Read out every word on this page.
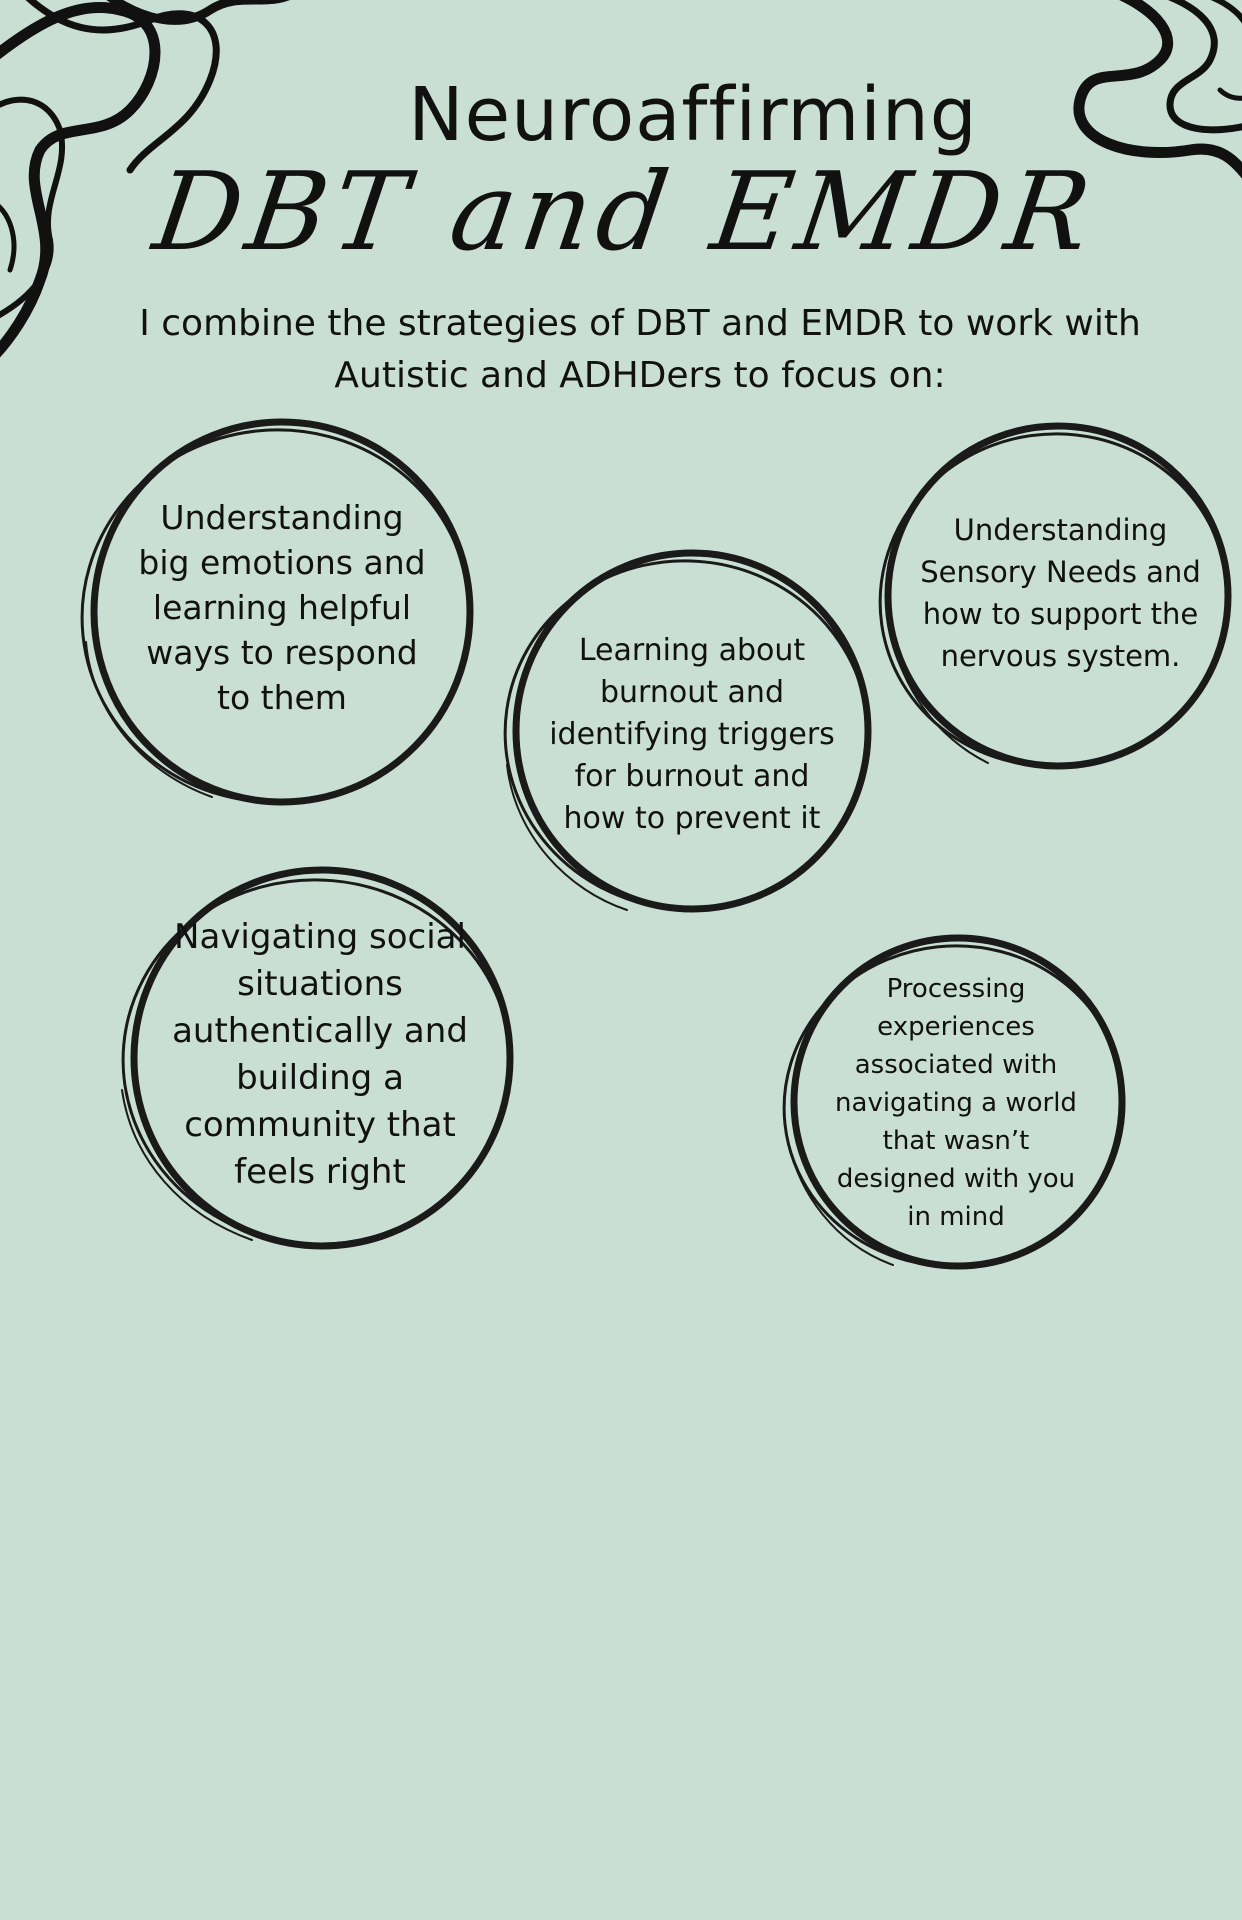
Neuroaffirming
DBT and EMDR
I combine the strategies of DBT and EMDR to work with Autistic and ADHDers to focus on:
Understanding big emotions and learning helpful ways to respond to them
Learning about burnout and identifying triggers for burnout and how to prevent it
Understanding Sensory Needs and how to support the nervous system.
Navigating social situations authentically and building a community that feels right
Processing experiences associated with navigating a world that wasn’t designed with you in mind
